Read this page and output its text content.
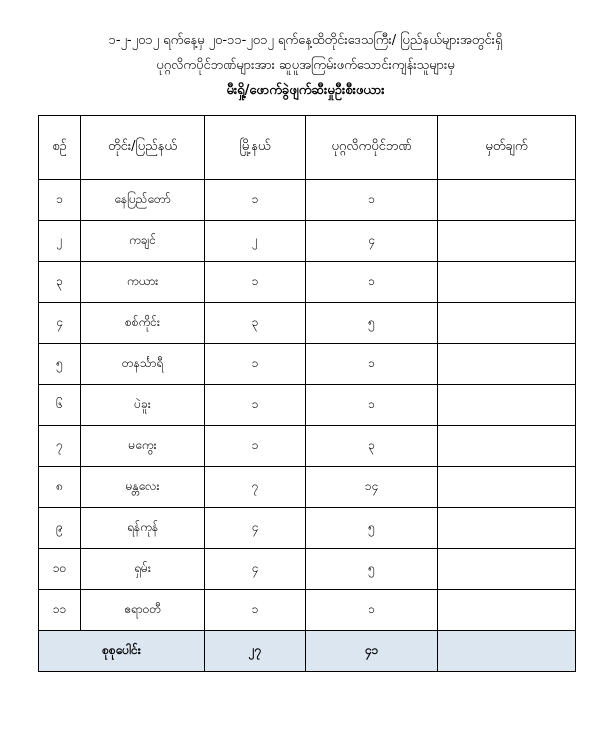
၁-၂-၂၀၁၂ ရက်နေ့မှ ၂၀-၁၁-၂၀၁၂ ရက်နေ့ထိတိုင်းဒေသကြီး/ ပြည်နယ်များအတွင်းရှိ
ပုဂ္ဂလိကပိုင်ဘဏ်များအား ဆူပူအကြမ်းဖက်သောင်းကျန်းသူများမှ
မီးရှို့/ဖောက်ခွဲဖျက်ဆီးမှုဦးစီးဖယား
စဉ်	တိုင်း/ပြည်နယ်	မြို့နယ်	ပုဂ္ဂလိကပိုင်ဘဏ်	မှတ်ချက်
၁	နေပြည်တော်	၁	၁	
၂	ကချင်	၂	၄	
၃	ကယား	၁	၁	
၄	စစ်ကိုင်း	၃	၅	
၅	တနင်္သာရီ	၁	၁	
၆	ပဲခူး	၁	၁	
၇	မကွေး	၁	၃	
၈	မန္တလေး	၇	၁၄	
၉	ရန်ကုန်	၄	၅	
၁၀	ရှမ်း	၄	၅	
၁၁	ဧရာဝတီ	၁	၁	
စုစုပေါင်း		၂၇	၄၁	
